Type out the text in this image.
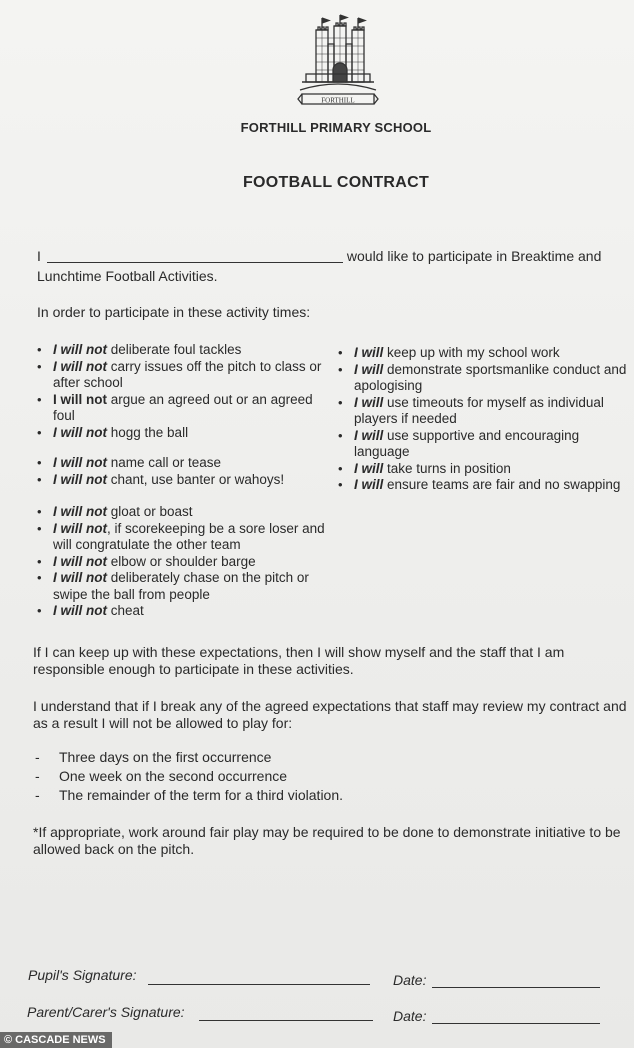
FORTHILL
FORTHILL PRIMARY SCHOOL
FOOTBALL CONTRACT
I	would like to participate in Breaktime and Lunchtime Football Activities.
In order to participate in these activity times:
• I will not deliberate foul tackles
• I will not carry issues off the pitch to class or after school
• I will not argue an agreed out or an agreed foul
• I will not hogg the ball
• I will not name call or tease
• I will not chant, use banter or wahoys!
• I will not gloat or boast
• I will not, if scorekeeping be a sore loser and will congratulate the other team
• I will not elbow or shoulder barge
• I will not deliberately chase on the pitch or swipe the ball from people
• I will not cheat
• I will keep up with my school work
• I will demonstrate sportsmanlike conduct and apologising
• I will use timeouts for myself as individual players if needed
• I will use supportive and encouraging language
• I will take turns in position
• I will ensure teams are fair and no swapping
If I can keep up with these expectations, then I will show myself and the staff that I am responsible enough to participate in these activities.
I understand that if I break any of the agreed expectations that staff may review my contract and as a result I will not be allowed to play for:
- Three days on the first occurrence
- One week on the second occurrence
- The remainder of the term for a third violation.
*If appropriate, work around fair play may be required to be done to demonstrate initiative to be allowed back on the pitch.
Pupil's Signature:	Date:
Parent/Carer's Signature:	Date:
© CASCADE NEWS
